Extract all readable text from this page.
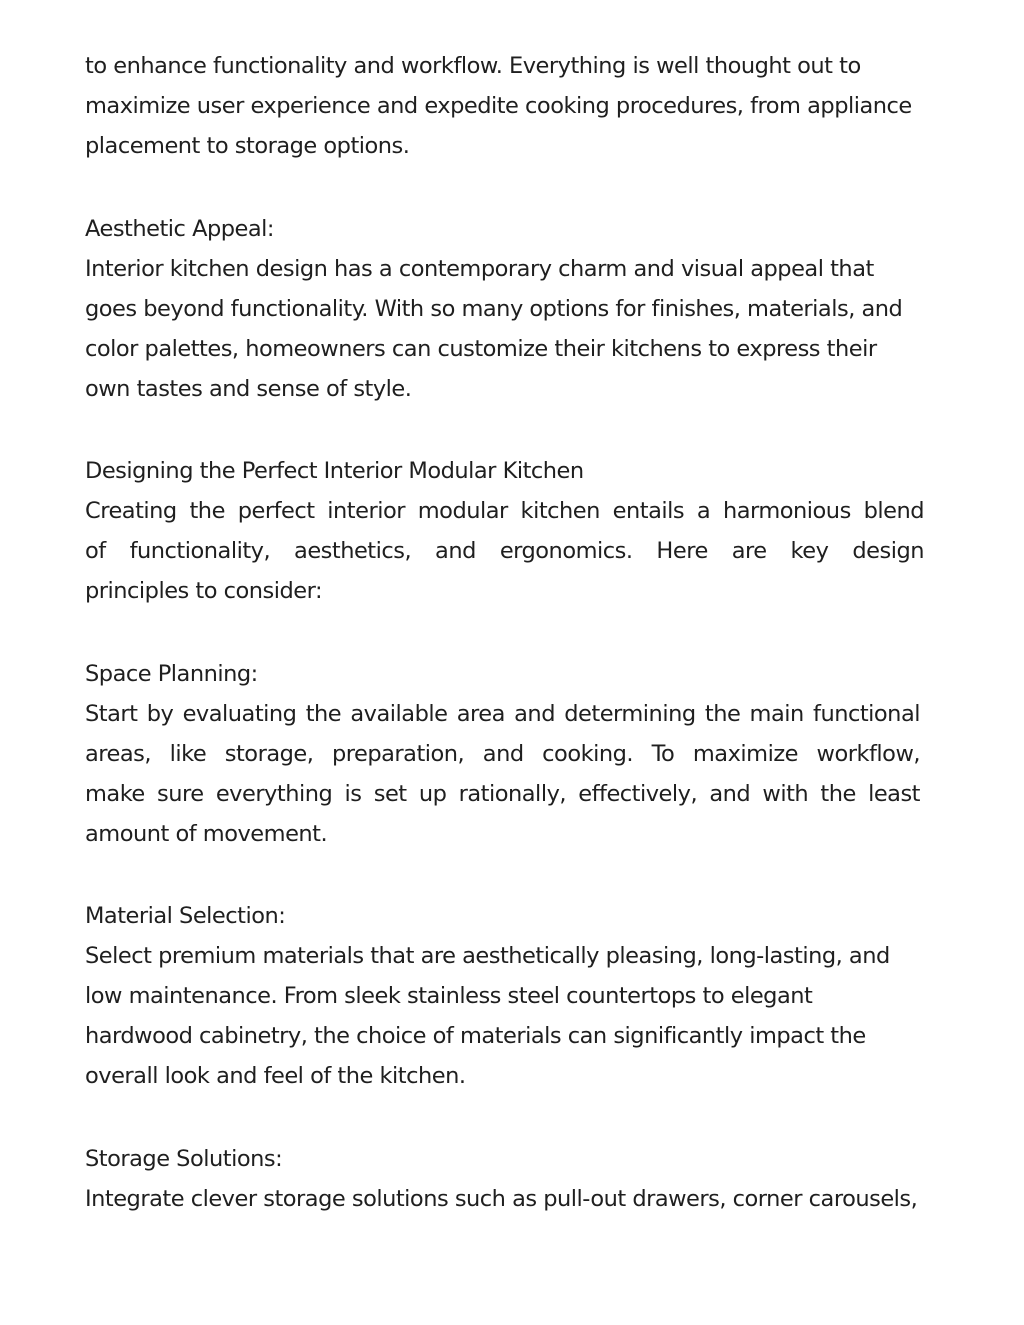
to enhance functionality and workflow. Everything is well thought out to
maximize user experience and expedite cooking procedures, from appliance
placement to storage options.
Aesthetic Appeal:
Interior kitchen design has a contemporary charm and visual appeal that
goes beyond functionality. With so many options for finishes, materials, and
color palettes, homeowners can customize their kitchens to express their
own tastes and sense of style.
Designing the Perfect Interior Modular Kitchen
Creating the perfect interior modular kitchen entails a harmonious blend
of functionality, aesthetics, and ergonomics. Here are key design
principles to consider:
Space Planning:
Start by evaluating the available area and determining the main functional
areas, like storage, preparation, and cooking. To maximize workflow,
make sure everything is set up rationally, effectively, and with the least
amount of movement.
Material Selection:
Select premium materials that are aesthetically pleasing, long-lasting, and
low maintenance. From sleek stainless steel countertops to elegant
hardwood cabinetry, the choice of materials can significantly impact the
overall look and feel of the kitchen.
Storage Solutions:
Integrate clever storage solutions such as pull-out drawers, corner carousels,
